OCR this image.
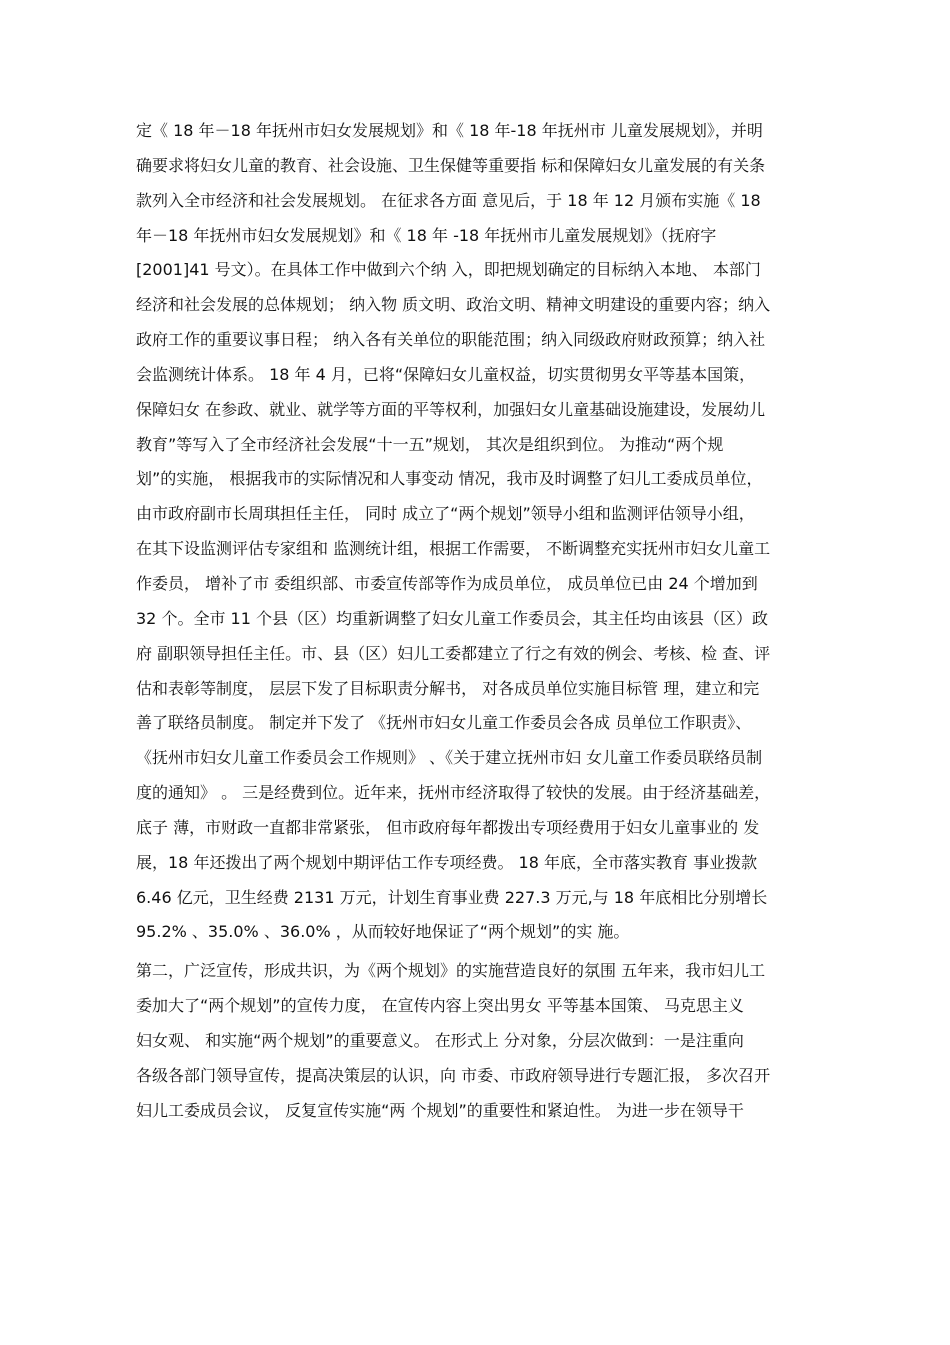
定《 18 年－18 年抚州市妇女发展规划》和《 18 年-18 年抚州市 儿童发展规划》，并明
确要求将妇女儿童的教育、社会设施、卫生保健等重要指 标和保障妇女儿童发展的有关条
款列入全市经济和社会发展规划。 在征求各方面 意见后，于 18 年 12 月颁布实施《 18
年－18 年抚州市妇女发展规划》和《 18 年 -18 年抚州市儿童发展规划》（抚府字
[2001]41 号文）。在具体工作中做到六个纳 入，即把规划确定的目标纳入本地、 本部门
经济和社会发展的总体规划； 纳入物 质文明、政治文明、精神文明建设的重要内容；纳入
政府工作的重要议事日程； 纳入各有关单位的职能范围；纳入同级政府财政预算；纳入社
会监测统计体系。 18 年 4 月，已将“保障妇女儿童权益，切实贯彻男女平等基本国策，
保障妇女 在参政、就业、就学等方面的平等权利，加强妇女儿童基础设施建设，发展幼儿
教育”等写入了全市经济社会发展“十一五”规划， 其次是组织到位。 为推动“两个规
划”的实施， 根据我市的实际情况和人事变动 情况，我市及时调整了妇儿工委成员单位，
由市政府副市长周琪担任主任， 同时 成立了“两个规划”领导小组和监测评估领导小组，
在其下设监测评估专家组和 监测统计组，根据工作需要， 不断调整充实抚州市妇女儿童工
作委员， 增补了市 委组织部、市委宣传部等作为成员单位， 成员单位已由 24 个增加到
32 个。全市 11 个县（区）均重新调整了妇女儿童工作委员会，其主任均由该县（区）政
府 副职领导担任主任。市、县（区）妇儿工委都建立了行之有效的例会、考核、检 查、评
估和表彰等制度， 层层下发了目标职责分解书， 对各成员单位实施目标管 理，建立和完
善了联络员制度。 制定并下发了 《抚州市妇女儿童工作委员会各成 员单位工作职责》、
《抚州市妇女儿童工作委员会工作规则》 、《关于建立抚州市妇 女儿童工作委员联络员制
度的通知》 。 三是经费到位。近年来，抚州市经济取得了较快的发展。由于经济基础差，
底子 薄，市财政一直都非常紧张， 但市政府每年都拨出专项经费用于妇女儿童事业的 发
展，18 年还拨出了两个规划中期评估工作专项经费。 18 年底，全市落实教育 事业拨款
6.46 亿元，卫生经费 2131 万元，计划生育事业费 227.3 万元,与 18 年底相比分别增长
95.2% 、35.0% 、36.0% ，从而较好地保证了“两个规划”的实 施。
第二，广泛宣传，形成共识，为《两个规划》的实施营造良好的氛围 五年来，我市妇儿工
委加大了“两个规划”的宣传力度， 在宣传内容上突出男女 平等基本国策、 马克思主义
妇女观、 和实施“两个规划”的重要意义。 在形式上 分对象，分层次做到：一是注重向
各级各部门领导宣传，提高决策层的认识，向 市委、市政府领导进行专题汇报， 多次召开
妇儿工委成员会议， 反复宣传实施“两 个规划”的重要性和紧迫性。 为进一步在领导干
